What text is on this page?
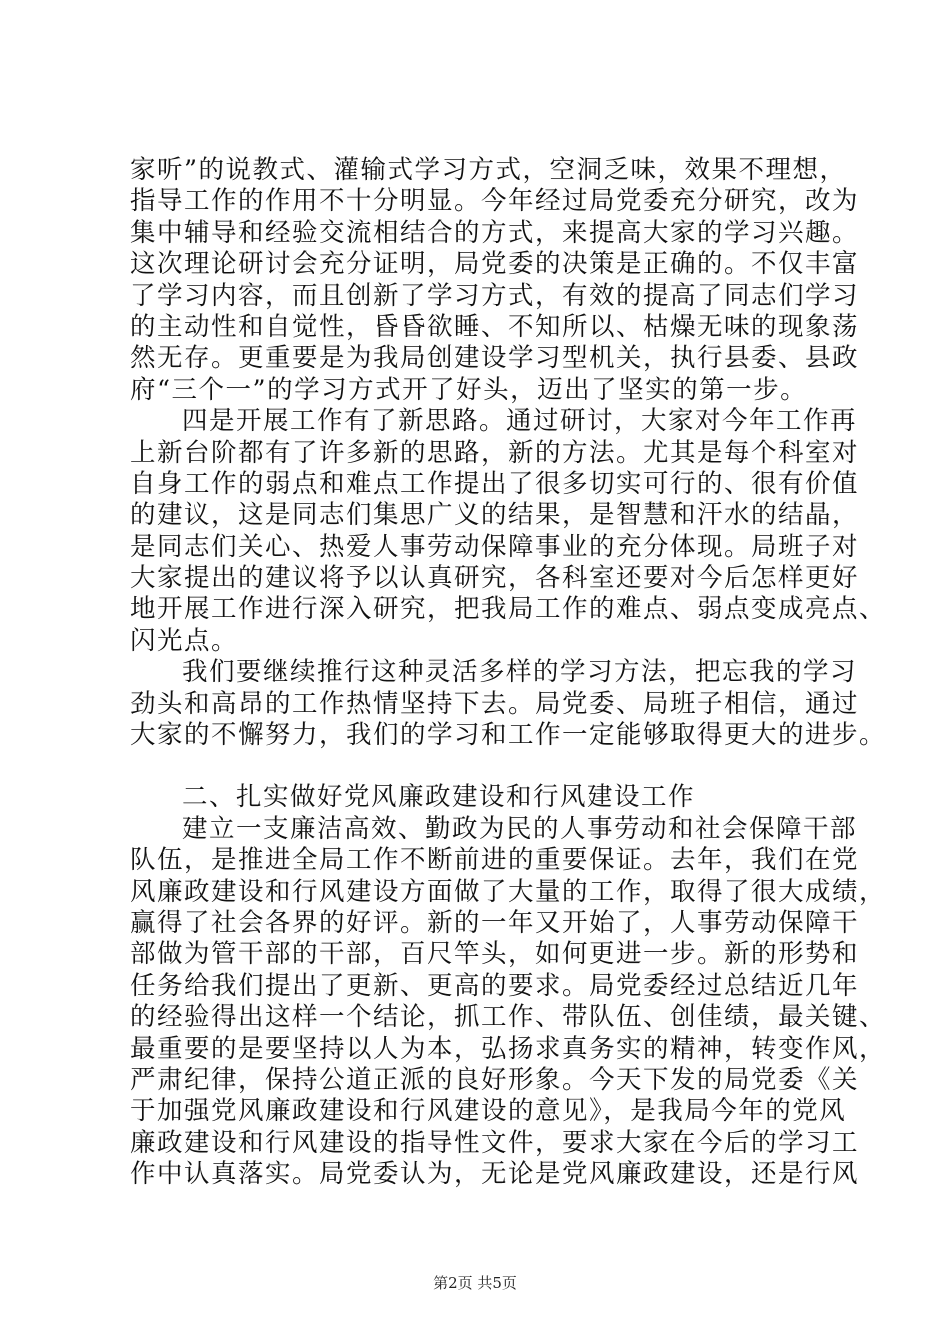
家听”的说教式、灌输式学习方式，空洞乏味，效果不理想，
指导工作的作用不十分明显。今年经过局党委充分研究，改为
集中辅导和经验交流相结合的方式，来提高大家的学习兴趣。
这次理论研讨会充分证明，局党委的决策是正确的。不仅丰富
了学习内容，而且创新了学习方式，有效的提高了同志们学习
的主动性和自觉性，昏昏欲睡、不知所以、枯燥无味的现象荡
然无存。更重要是为我局创建设学习型机关，执行县委、县政
府“三个一”的学习方式开了好头，迈出了坚实的第一步。
四是开展工作有了新思路。通过研讨，大家对今年工作再
上新台阶都有了许多新的思路，新的方法。尤其是每个科室对
自身工作的弱点和难点工作提出了很多切实可行的、很有价值
的建议，这是同志们集思广义的结果，是智慧和汗水的结晶，
是同志们关心、热爱人事劳动保障事业的充分体现。局班子对
大家提出的建议将予以认真研究，各科室还要对今后怎样更好
地开展工作进行深入研究，把我局工作的难点、弱点变成亮点、
闪光点。
我们要继续推行这种灵活多样的学习方法，把忘我的学习
劲头和高昂的工作热情坚持下去。局党委、局班子相信，通过
大家的不懈努力，我们的学习和工作一定能够取得更大的进步。
二、扎实做好党风廉政建设和行风建设工作
建立一支廉洁高效、勤政为民的人事劳动和社会保障干部
队伍，是推进全局工作不断前进的重要保证。去年，我们在党
风廉政建设和行风建设方面做了大量的工作，取得了很大成绩，
赢得了社会各界的好评。新的一年又开始了，人事劳动保障干
部做为管干部的干部，百尺竿头，如何更进一步。新的形势和
任务给我们提出了更新、更高的要求。局党委经过总结近几年
的经验得出这样一个结论，抓工作、带队伍、创佳绩，最关键、
最重要的是要坚持以人为本，弘扬求真务实的精神，转变作风，
严肃纪律，保持公道正派的良好形象。今天下发的局党委《关
于加强党风廉政建设和行风建设的意见》，是我局今年的党风
廉政建设和行风建设的指导性文件，要求大家在今后的学习工
作中认真落实。局党委认为，无论是党风廉政建设，还是行风
第2页 共5页
